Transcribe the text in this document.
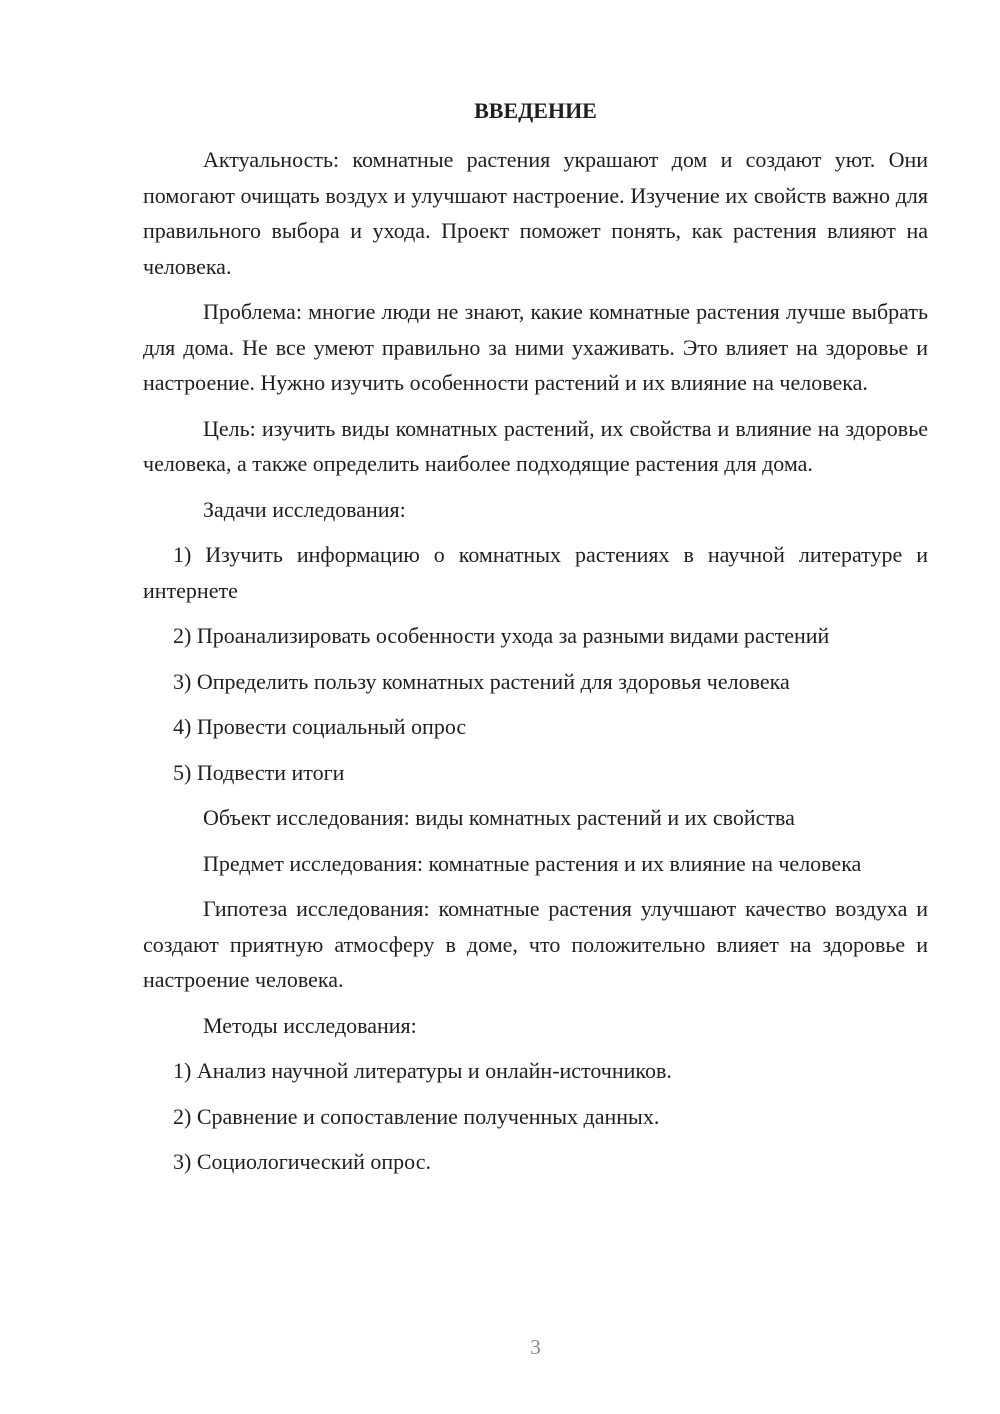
ВВЕДЕНИЕ

Актуальность: комнатные растения украшают дом и создают уют. Они помогают очищать воздух и улучшают настроение. Изучение их свойств важно для правильного выбора и ухода. Проект поможет понять, как растения влияют на человека.

Проблема: многие люди не знают, какие комнатные растения лучше выбрать для дома. Не все умеют правильно за ними ухаживать. Это влияет на здоровье и настроение. Нужно изучить особенности растений и их влияние на человека.

Цель: изучить виды комнатных растений, их свойства и влияние на здоровье человека, а также определить наиболее подходящие растения для дома.

Задачи исследования:

1) Изучить информацию о комнатных растениях в научной литературе и интернете

2) Проанализировать особенности ухода за разными видами растений

3) Определить пользу комнатных растений для здоровья человека

4) Провести социальный опрос

5) Подвести итоги

Объект исследования: виды комнатных растений и их свойства

Предмет исследования: комнатные растения и их влияние на человека

Гипотеза исследования: комнатные растения улучшают качество воздуха и создают приятную атмосферу в доме, что положительно влияет на здоровье и настроение человека.

Методы исследования:

1) Анализ научной литературы и онлайн-источников.

2) Сравнение и сопоставление полученных данных.

3) Социологический опрос.

3
